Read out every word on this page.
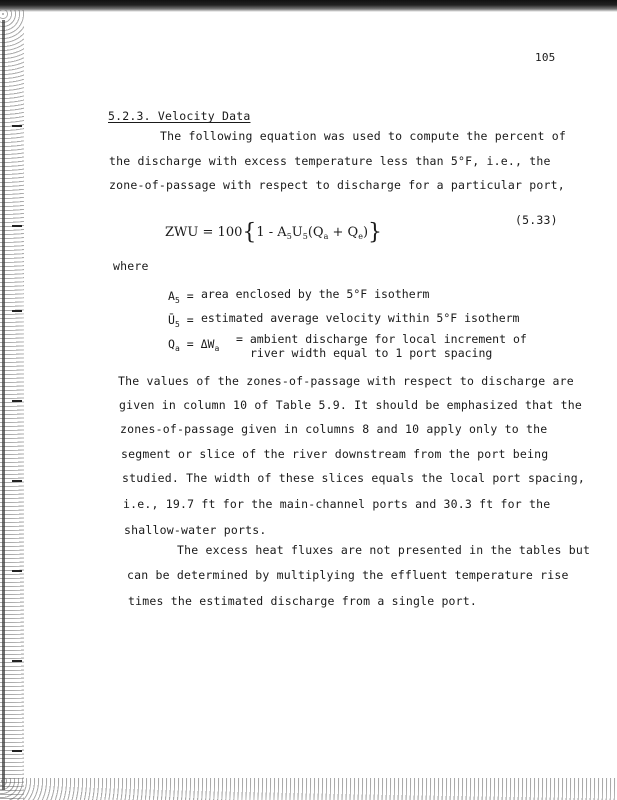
105
5.2.3. Velocity Data
The following equation was used to compute the percent of
the discharge with excess temperature less than 5°F, i.e., the
zone-of-passage with respect to discharge for a particular port,
ZWU = $100\{1 - A_5U_5(Q_a + Q_e)\}$	(5.33)
where
$A_5$ = area enclosed by the 5°F isotherm
$Ū_5$ = estimated average velocity within 5°F isotherm
$Q_a = \Delta W_a$
= ambient discharge for local increment of
river width equal to 1 port spacing
The values of the zones-of-passage with respect to discharge are
given in column 10 of Table 5.9. It should be emphasized that the
zones-of-passage given in columns 8 and 10 apply only to the
segment or slice of the river downstream from the port being
studied. The width of these slices equals the local port spacing,
i.e., 19.7 ft for the main-channel ports and 30.3 ft for the
shallow-water ports.
The excess heat fluxes are not presented in the tables but
can be determined by multiplying the effluent temperature rise
times the estimated discharge from a single port.
